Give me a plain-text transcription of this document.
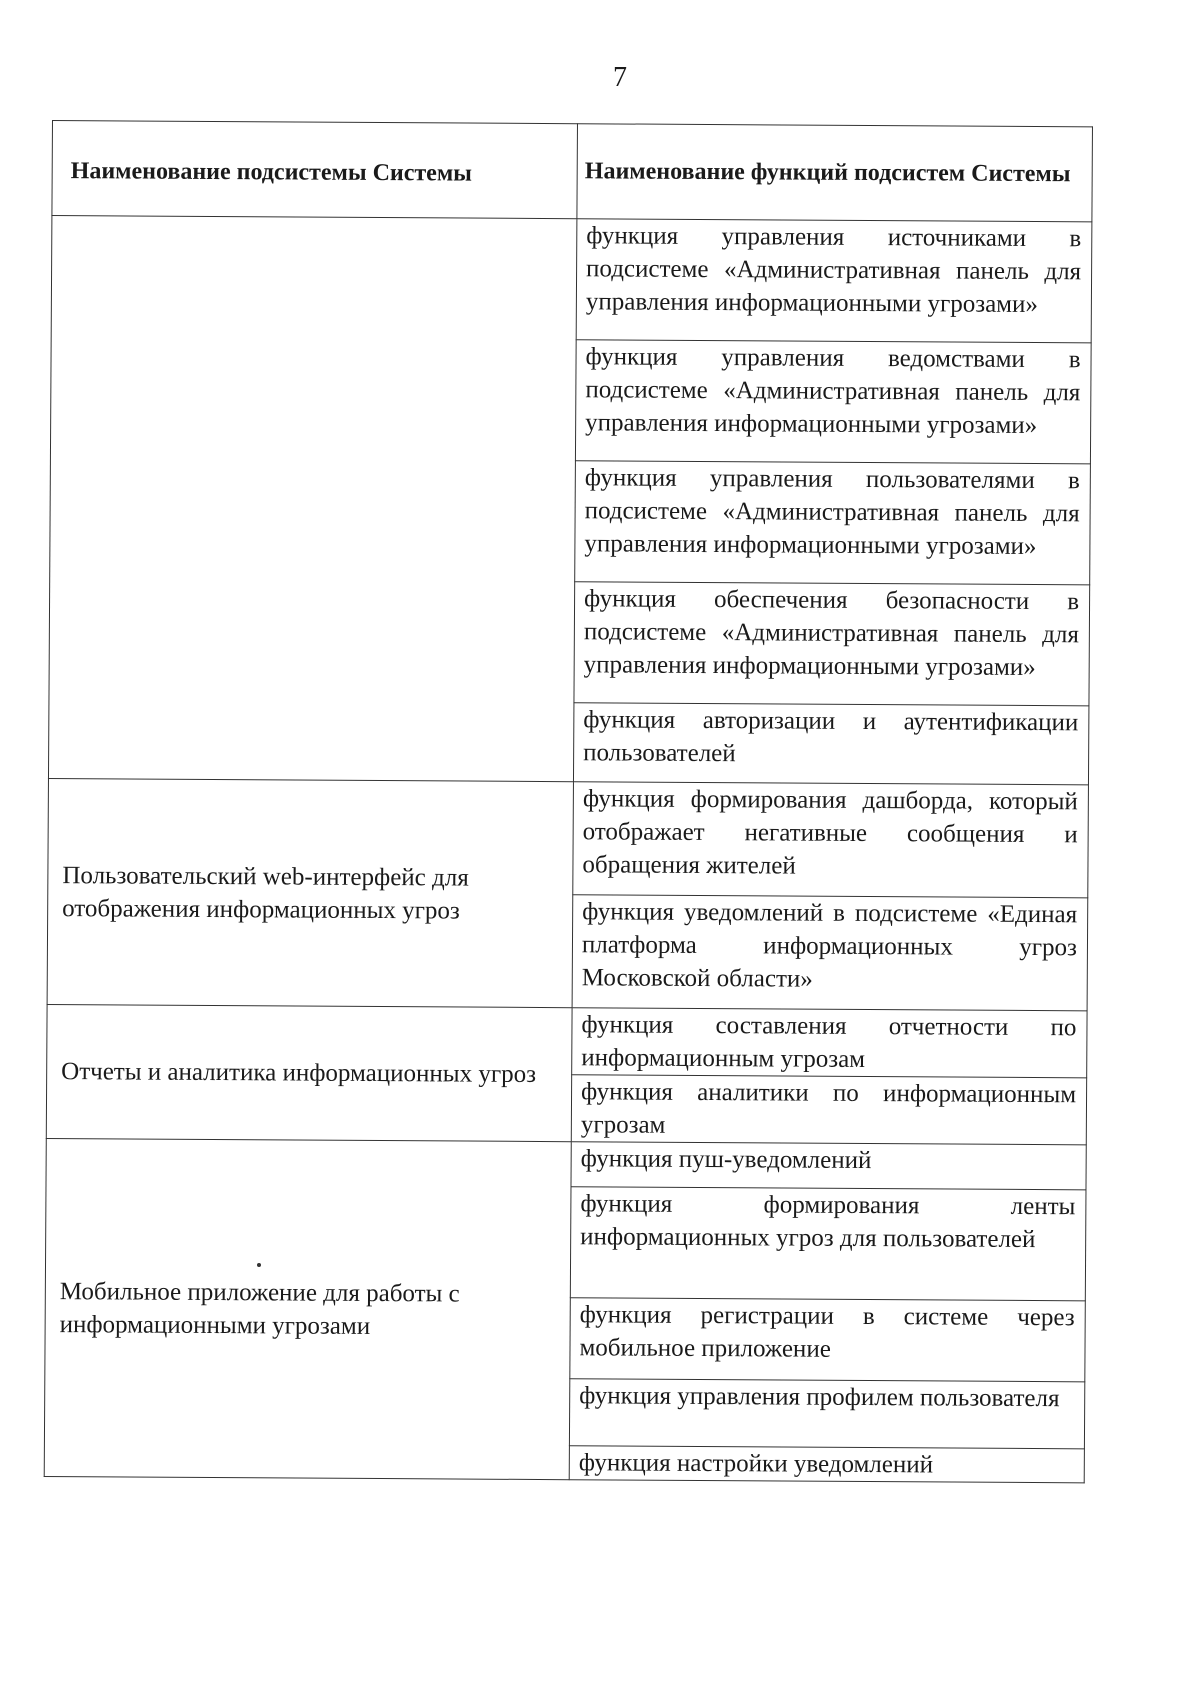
7
Наименование подсистемы Системы	Наименование функций подсистем Системы
	функция управления источниками в подсистеме «Административная панель для управления информационными угрозами»
	функция управления ведомствами в подсистеме «Административная панель для управления информационными угрозами»
	функция управления пользователями в подсистеме «Административная панель для управления информационными угрозами»
	функция обеспечения безопасности в подсистеме «Административная панель для управления информационными угрозами»
	функция авторизации и аутентификации пользователей
Пользовательский web-интерфейс для отображения информационных угроз	функция формирования дашборда, который отображает негативные сообщения и обращения жителей
	функция уведомлений в подсистеме «Единая платформа информационных угроз Московской области»
Отчеты и аналитика информационных угроз	функция составления отчетности по информационным угрозам
	функция аналитики по информационным угрозам
Мобильное приложение для работы с информационными угрозами	функция пуш-уведомлений
	функция формирования ленты информационных угроз для пользователей
	функция регистрации в системе через мобильное приложение
	функция управления профилем пользователя
	функция настройки уведомлений
